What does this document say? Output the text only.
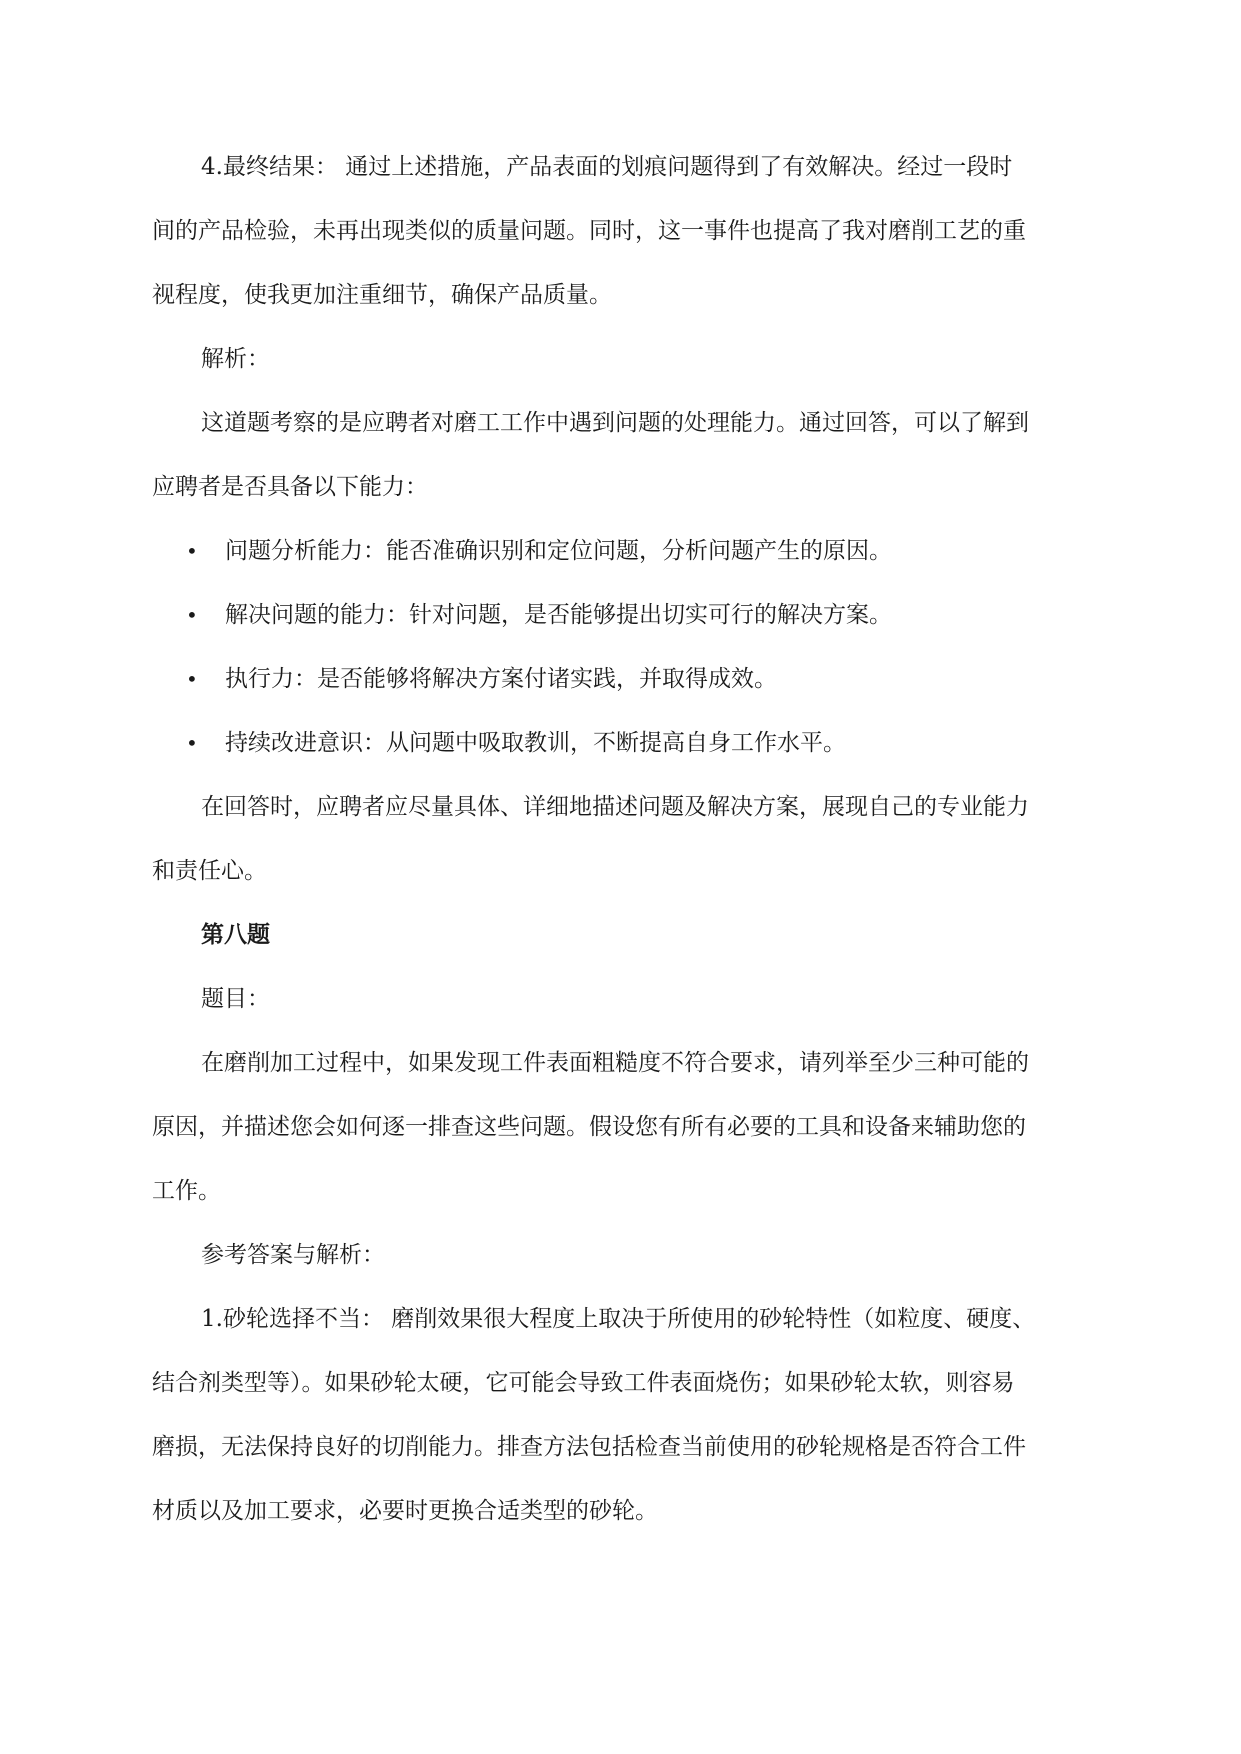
4.最终结果： 通过上述措施，产品表面的划痕问题得到了有效解决。经过一段时
间的产品检验，未再出现类似的质量问题。同时，这一事件也提高了我对磨削工艺的重
视程度，使我更加注重细节，确保产品质量。
解析：
这道题考察的是应聘者对磨工工作中遇到问题的处理能力。通过回答，可以了解到
应聘者是否具备以下能力：
• 问题分析能力：能否准确识别和定位问题，分析问题产生的原因。
• 解决问题的能力：针对问题，是否能够提出切实可行的解决方案。
• 执行力：是否能够将解决方案付诸实践，并取得成效。
• 持续改进意识：从问题中吸取教训，不断提高自身工作水平。
在回答时，应聘者应尽量具体、详细地描述问题及解决方案，展现自己的专业能力
和责任心。
第八题
题目：
在磨削加工过程中，如果发现工件表面粗糙度不符合要求，请列举至少三种可能的
原因，并描述您会如何逐一排查这些问题。假设您有所有必要的工具和设备来辅助您的
工作。
参考答案与解析：
1.砂轮选择不当： 磨削效果很大程度上取决于所使用的砂轮特性（如粒度、硬度、
结合剂类型等）。如果砂轮太硬，它可能会导致工件表面烧伤；如果砂轮太软，则容易
磨损，无法保持良好的切削能力。排查方法包括检查当前使用的砂轮规格是否符合工件
材质以及加工要求，必要时更换合适类型的砂轮。
